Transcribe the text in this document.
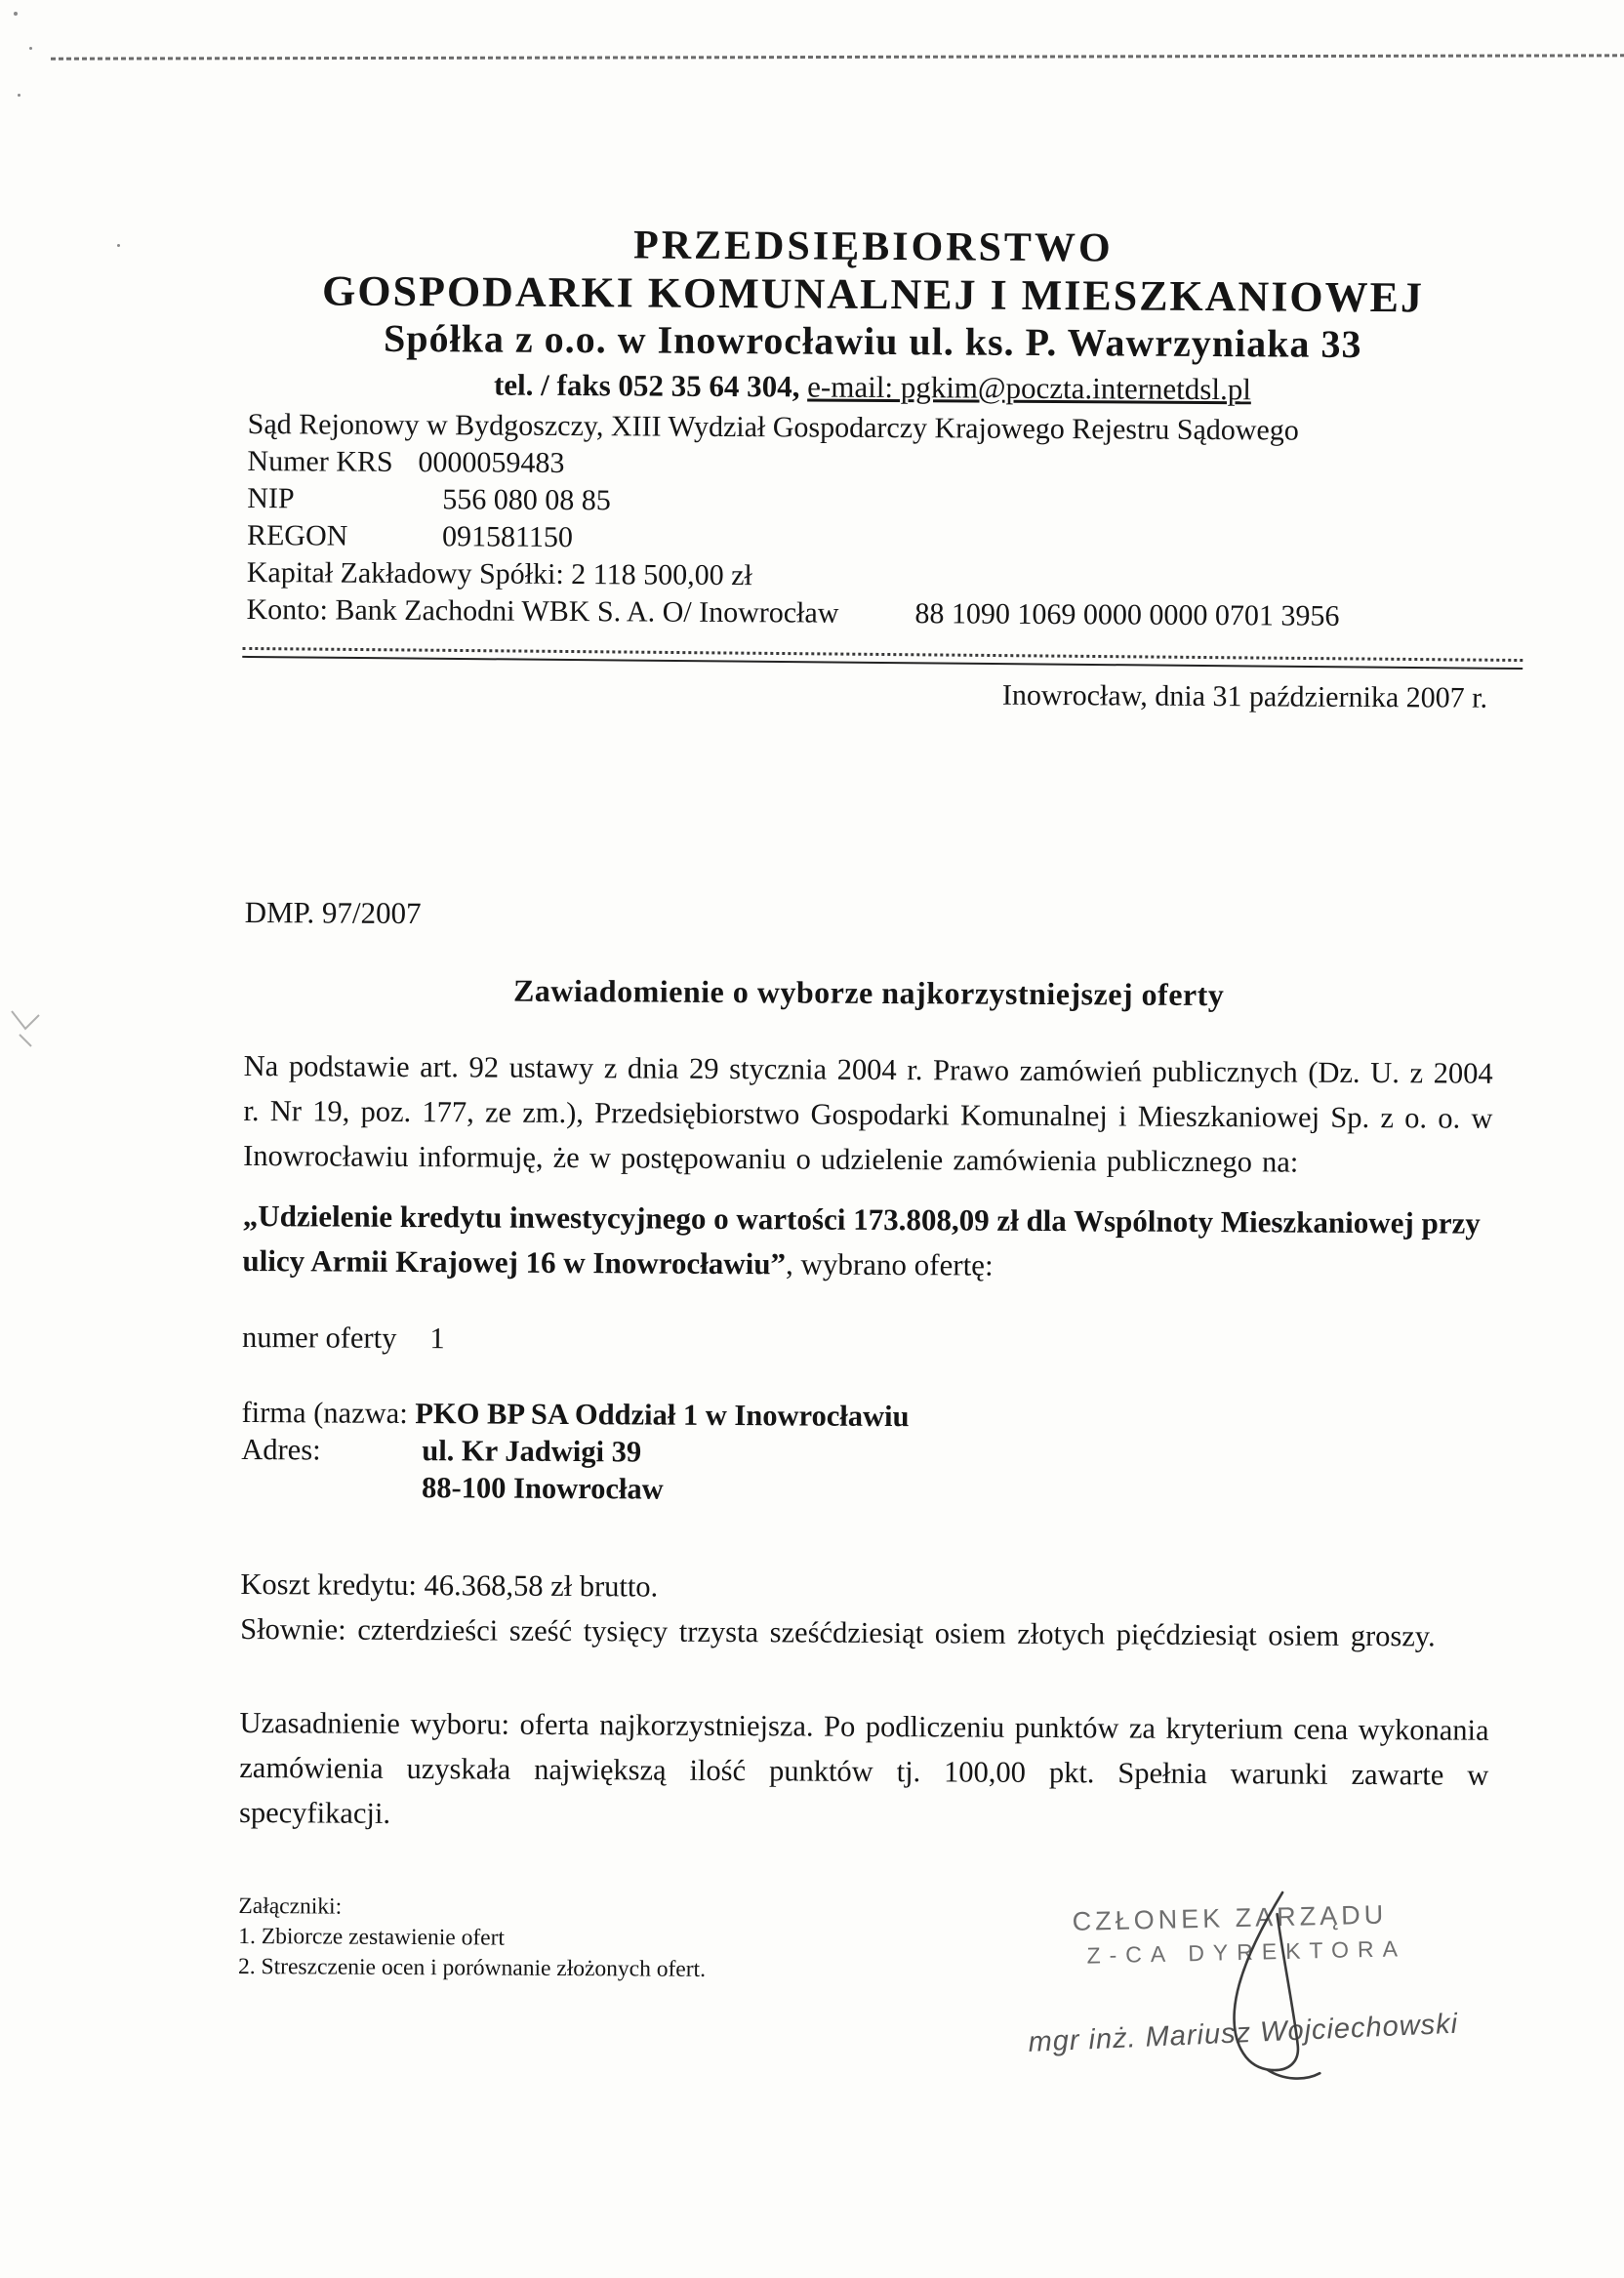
PRZEDSIĘBIORSTWO
GOSPODARKI KOMUNALNEJ I MIESZKANIOWEJ
Spółka z o.o. w Inowrocławiu ul. ks. P. Wawrzyniaka 33
tel. / faks 052 35 64 304, e-mail: pgkim@poczta.internetdsl.pl
Sąd Rejonowy w Bydgoszczy, XIII Wydział Gospodarczy Krajowego Rejestru Sądowego
Numer KRS 0000059483
NIP	556 080 08 85
REGON	091581150
Kapitał Zakładowy Spółki: 2 118 500,00 zł
Konto: Bank Zachodni WBK S. A. O/ Inowrocław	88 1090 1069 0000 0000 0701 3956
Inowrocław, dnia 31 października 2007 r.
DMP. 97/2007
Zawiadomienie o wyborze najkorzystniejszej oferty
Na podstawie art. 92 ustawy z dnia 29 stycznia 2004 r. Prawo zamówień publicznych (Dz. U. z 2004 r. Nr 19, poz. 177, ze zm.), Przedsiębiorstwo Gospodarki Komunalnej i Mieszkaniowej Sp. z o. o. w Inowrocławiu informuję, że w postępowaniu o udzielenie zamówienia publicznego na:
„Udzielenie kredytu inwestycyjnego o wartości 173.808,09 zł dla Wspólnoty Mieszkaniowej przy ulicy Armii Krajowej 16 w Inowrocławiu”, wybrano ofertę:
numer oferty 1
firma (nazwa: PKO BP SA Oddział 1 w Inowrocławiu
Adres:	ul. Kr Jadwigi 39
88-100 Inowrocław
Koszt kredytu: 46.368,58 zł brutto.
Słownie: czterdzieści sześć tysięcy trzysta sześćdziesiąt osiem złotych pięćdziesiąt osiem groszy.
Uzasadnienie wyboru: oferta najkorzystniejsza. Po podliczeniu punktów za kryterium cena wykonania zamówienia uzyskała największą ilość punktów tj. 100,00 pkt. Spełnia warunki zawarte w specyfikacji.
Załączniki:
1. Zbiorcze zestawienie ofert
2. Streszczenie ocen i porównanie złożonych ofert.
CZŁONEK ZARZĄDU
Z-CA DYREKTORA
mgr inż. Mariusz Wojciechowski
